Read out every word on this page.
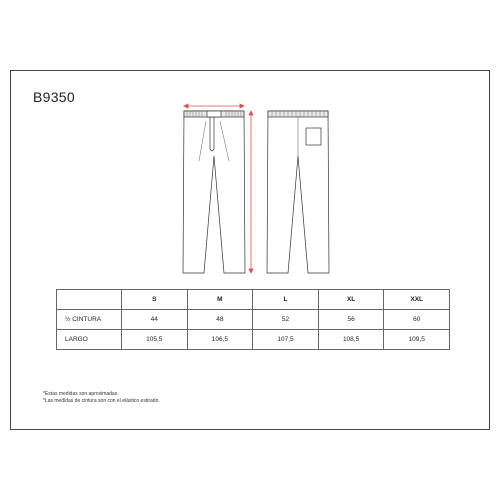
B9350
	S	M	L	XL	XXL
½ CINTURA	44	48	52	56	60
LARGO	105,5	106,5	107,5	108,5	109,5
*Estas medidas son aproximadas.
*Las medidas de cintura son con el elástico estirado.
